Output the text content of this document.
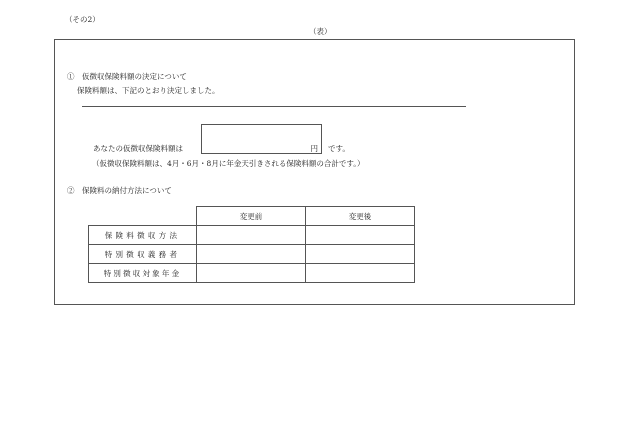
（その2）
（表）
①　仮徴収保険料額の決定について
保険料額は、下記のとおり決定しました。
あなたの仮徴収保険料額は	円 です。
（仮徴収保険料額は、4月・6月・8月に年金天引きされる保険料額の合計です。）
②　保険料の納付方法について
	変更前	変更後
保険料徴収方法		
特別徴収義務者		
特別徴収対象年金		
